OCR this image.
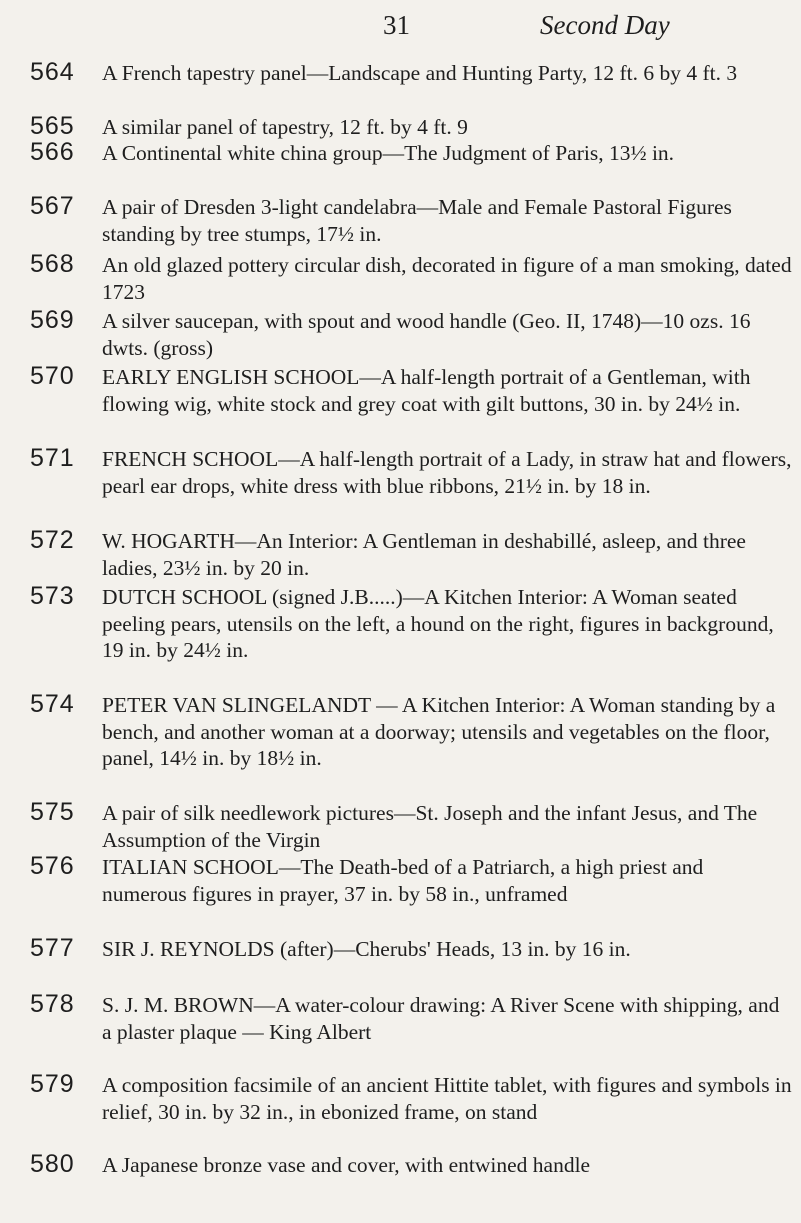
31	Second Day
564 A French tapestry panel—Landscape and Hunting Party, 12 ft. 6 by 4 ft. 3
565 A similar panel of tapestry, 12 ft. by 4 ft. 9
566 A Continental white china group—The Judgment of Paris, 13½ in.
567 A pair of Dresden 3-light candelabra—Male and Female Pastoral Figures standing by tree stumps, 17½ in.
568 An old glazed pottery circular dish, decorated in figure of a man smoking, dated 1723
569 A silver saucepan, with spout and wood handle (Geo. II, 1748)—10 ozs. 16 dwts. (gross)
570 EARLY ENGLISH SCHOOL—A half-length portrait of a Gentleman, with flowing wig, white stock and grey coat with gilt buttons, 30 in. by 24½ in.
571 FRENCH SCHOOL—A half-length portrait of a Lady, in straw hat and flowers, pearl ear drops, white dress with blue ribbons, 21½ in. by 18 in.
572 W. HOGARTH—An Interior: A Gentleman in deshabillé, asleep, and three ladies, 23½ in. by 20 in.
573 DUTCH SCHOOL (signed J.B.....)—A Kitchen Interior: A Woman seated peeling pears, utensils on the left, a hound on the right, figures in background, 19 in. by 24½ in.
574 PETER VAN SLINGELANDT — A Kitchen Interior: A Woman standing by a bench, and another woman at a doorway; utensils and vegetables on the floor, panel, 14½ in. by 18½ in.
575 A pair of silk needlework pictures—St. Joseph and the infant Jesus, and The Assumption of the Virgin
576 ITALIAN SCHOOL—The Death-bed of a Patriarch, a high priest and numerous figures in prayer, 37 in. by 58 in., unframed
577 SIR J. REYNOLDS (after)—Cherubs' Heads, 13 in. by 16 in.
578 S. J. M. BROWN—A water-colour drawing: A River Scene with shipping, and a plaster plaque — King Albert
579 A composition facsimile of an ancient Hittite tablet, with figures and symbols in relief, 30 in. by 32 in., in ebonized frame, on stand
580 A Japanese bronze vase and cover, with entwined handle
